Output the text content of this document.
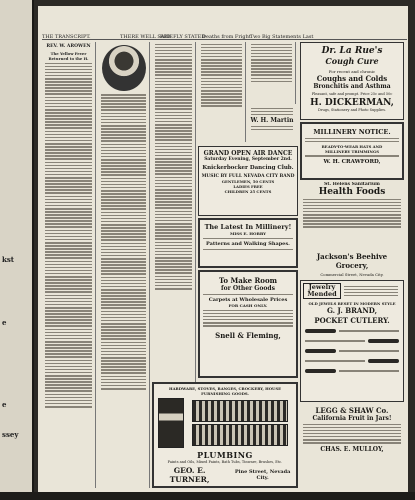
kst
e
e
ssey
THE TRANSCRIPT.	THERE WELL SAID
BRIEFLY STATED
Deaths from Fright Two Big Statements Last
REV. W. AROWEN
The Yellow Fever Returned to the H.
W. H. Martin
Dr. La Rue's
Cough Cure
For recent and chronic
Coughs and Colds
Bronchitis and Asthma
Pleasant, safe and prompt. Price 25c and 50c
H. DICKERMAN,
Drugs, Stationery and Photo Supplies.
MILLINERY NOTICE.
READY-TO-WEAR HATS AND
MILLINERY TRIMMINGS
W. H. CRAWFORD,
GRAND OPEN AIR DANCE
Saturday Evening, September 2nd.
Knickerbocker Dancing Club.
MUSIC BY FULL NEVADA CITY BAND
GENTLEMEN, 50 CENTS
LADIES FREE
CHILDREN 25 CENTS
St. Helens Sanitarium
Health Foods
The Latest In Millinery!
MISS E. HOBBY
Patterns and Walking Shapes.
Jackson's Beehive Grocery,
Commercial Street, Nevada City.
To Make Room
for Other Goods
Carpets at Wholesale Prices
FOR CASH ONLY.
Snell & Fleming,
Jewelry Mended
OLD JEWELS RESET IN MODERN STYLE
G. J. BRAND,
POCKET CUTLERY.
LEGG & SHAW Co.
California Fruit in Jars!
CHAS. E. MULLOY,
HARDWARE, STOVES, RANGES, CROCKERY, HOUSE FURNISHING GOODS.
PLUMBING
Paints and Oils, Mixed Paints, Bath Tubs, Tinware, Brushes, Etc.
GEO. E. TURNER,
Pine Street, Nevada City.
